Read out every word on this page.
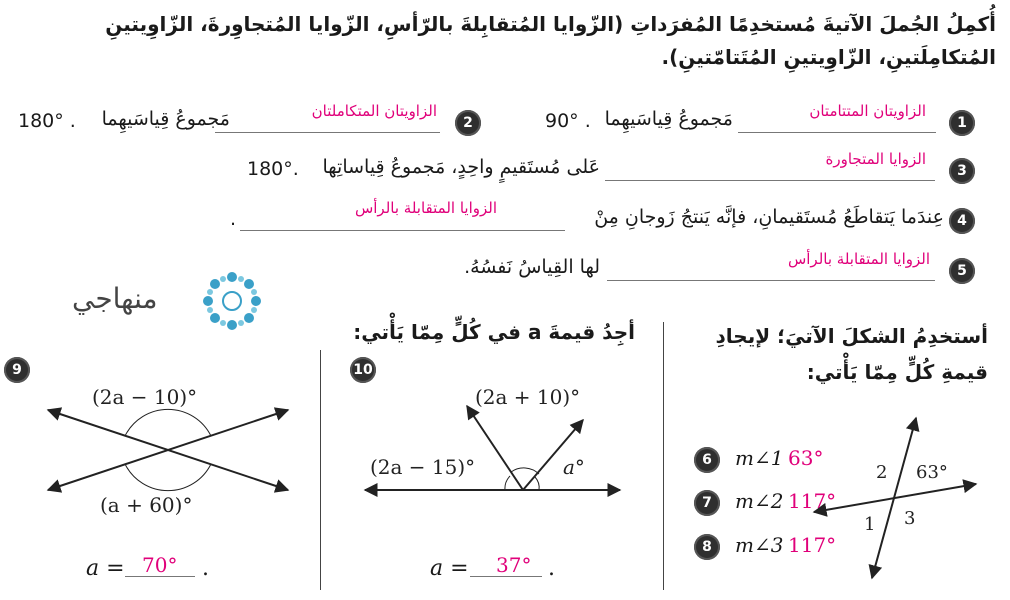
أُكمِلُ الجُملَ الآتيةَ مُستخدِمًا المُفرَداتِ (الزّوايا المُتقابِلةَ بالرّأسِ، الزّوايا المُتجاوِرةَ، الزّاوِيتينِ المُتكامِلَتينِ، الزّاوِيتينِ المُتَتامّتينِ).
1
مَجموعُ قِياسَيهِما	الزاويتان المتتامتان
90° .
2
مَجموعُ قِياسَيهِما	الزاويتان المتكاملتان
180° .
3
الزوايا المتجاورة
عَلى مُستَقيمٍ واحِدٍ، مَجموعُ قِياساتِها
180°.
4
عِندَما يَتقاطَعُ مُستَقيمانِ، فإنَّه يَنتجُ زَوجانِ مِنْ
الزوايا المتقابلة بالرأس
.
5
الزوايا المتقابلة بالرأس
لها القِياسُ نَفسُهُ.
منهاجي
أستخدِمُ الشكلَ الآتيَ؛ لإيجادِ قيمةِ كُلٍّ مِمّا يَأْتي:
2 63°
1 3
6	m∠1 63°
7	m∠2 117°
8	m∠3 117°
أجِدُ قيمةَ a في كُلٍّ مِمّا يَأْتي:
10
(2a + 10)°
(2a − 15)°	a°
a = 37° .
9
(2a − 10)°
(a + 60)°
a = 70° .
